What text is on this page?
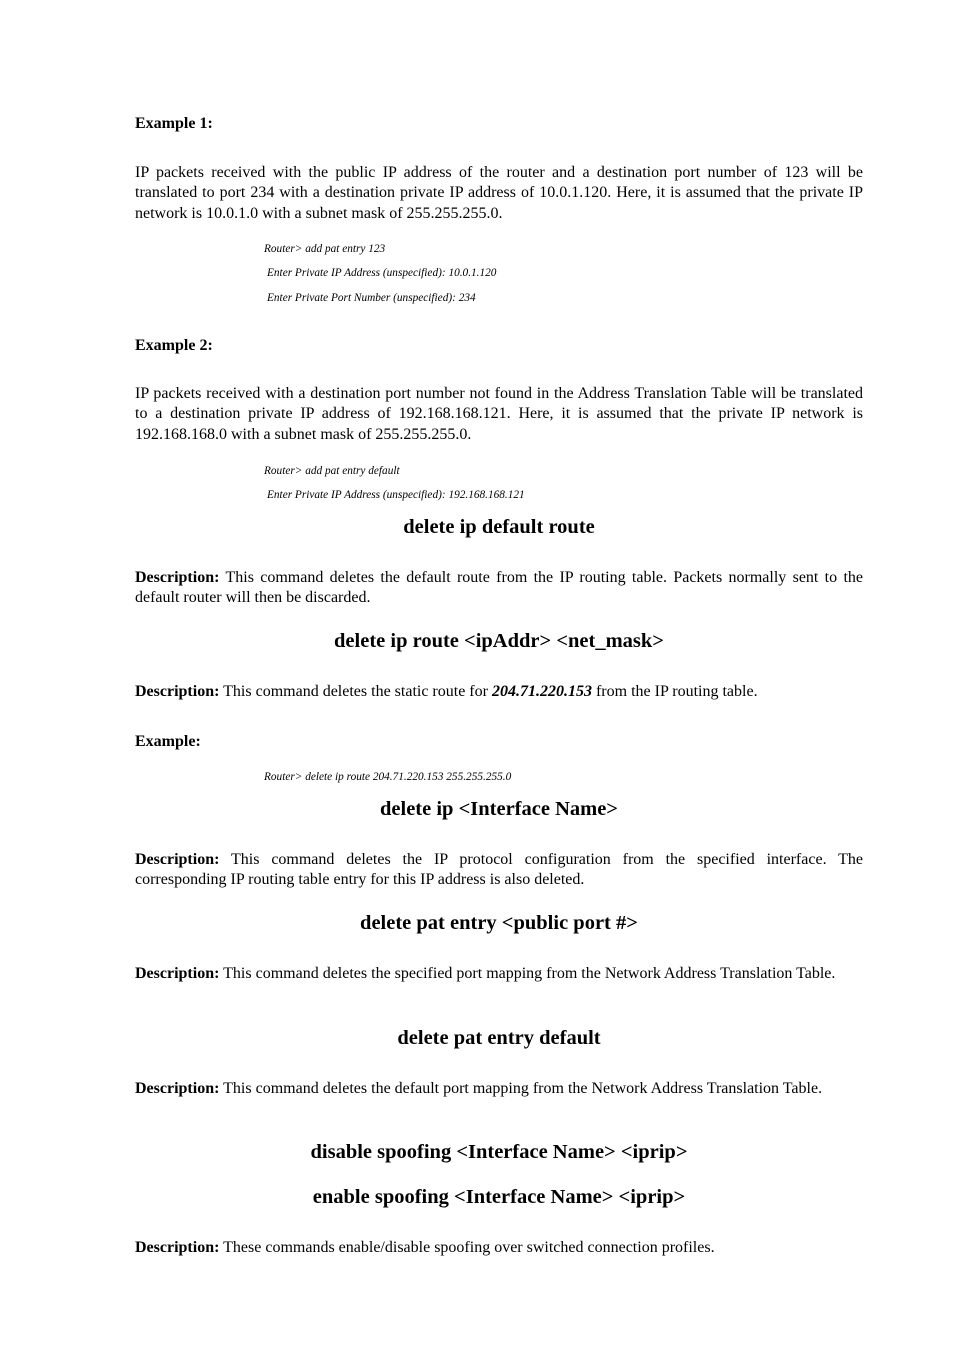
Example 1:

IP packets received with the public IP address of the router and a destination port number of 123 will be translated to port 234 with a destination private IP address of 10.0.1.120. Here, it is assumed that the private IP network is 10.0.1.0 with a subnet mask of 255.255.255.0.

Router> add pat entry 123

Enter Private IP Address (unspecified): 10.0.1.120

Enter Private Port Number (unspecified): 234

Example 2:

IP packets received with a destination port number not found in the Address Translation Table will be translated to a destination private IP address of 192.168.168.121. Here, it is assumed that the private IP network is 192.168.168.0 with a subnet mask of 255.255.255.0.

Router> add pat entry default

Enter Private IP Address (unspecified): 192.168.168.121

delete ip default route

Description: This command deletes the default route from the IP routing table. Packets normally sent to the default router will then be discarded.

delete ip route <ipAddr> <net_mask>

Description: This command deletes the static route for 204.71.220.153 from the IP routing table.

Example:

Router> delete ip route 204.71.220.153 255.255.255.0

delete ip <Interface Name>

Description: This command deletes the IP protocol configuration from the specified interface. The corresponding IP routing table entry for this IP address is also deleted.

delete pat entry <public port #>

Description: This command deletes the specified port mapping from the Network Address Translation Table.

delete pat entry default

Description: This command deletes the default port mapping from the Network Address Translation Table.

disable spoofing <Interface Name> <iprip>
enable spoofing <Interface Name> <iprip>

Description: These commands enable/disable spoofing over switched connection profiles.
